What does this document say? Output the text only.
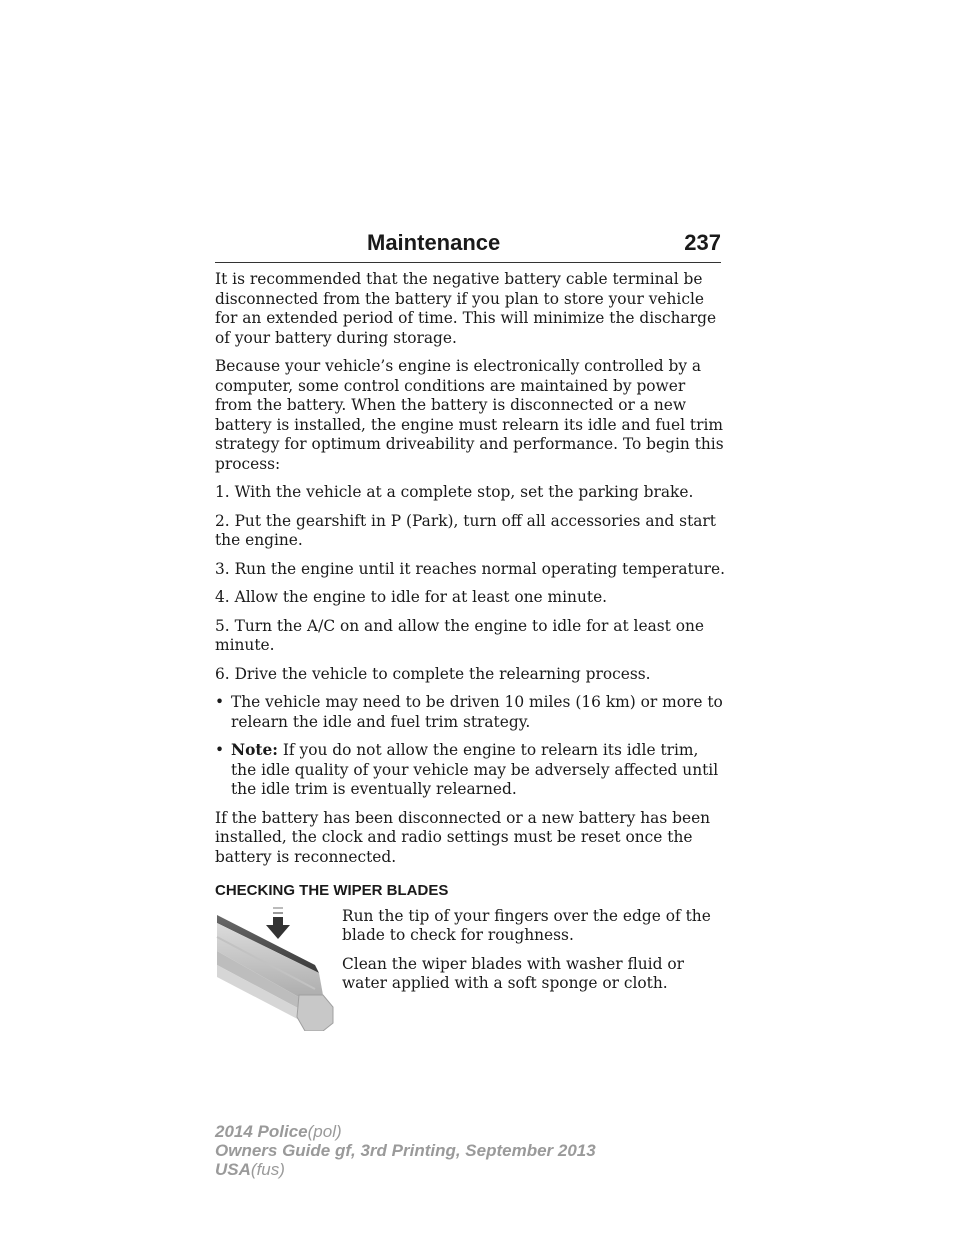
Maintenance	237

It is recommended that the negative battery cable terminal be disconnected from the battery if you plan to store your vehicle for an extended period of time. This will minimize the discharge of your battery during storage.

Because your vehicle’s engine is electronically controlled by a computer, some control conditions are maintained by power from the battery. When the battery is disconnected or a new battery is installed, the engine must relearn its idle and fuel trim strategy for optimum driveability and performance. To begin this process:

1. With the vehicle at a complete stop, set the parking brake.

2. Put the gearshift in P (Park), turn off all accessories and start the engine.

3. Run the engine until it reaches normal operating temperature.

4. Allow the engine to idle for at least one minute.

5. Turn the A/C on and allow the engine to idle for at least one minute.

6. Drive the vehicle to complete the relearning process.

• The vehicle may need to be driven 10 miles (16 km) or more to relearn the idle and fuel trim strategy.
• Note: If you do not allow the engine to relearn its idle trim, the idle quality of your vehicle may be adversely affected until the idle trim is eventually relearned.

If the battery has been disconnected or a new battery has been installed, the clock and radio settings must be reset once the battery is reconnected.

CHECKING THE WIPER BLADES

Run the tip of your fingers over the edge of the blade to check for roughness.

Clean the wiper blades with washer fluid or water applied with a soft sponge or cloth.

2014 Police(pol)
Owners Guide gf, 3rd Printing, September 2013
USA(fus)
